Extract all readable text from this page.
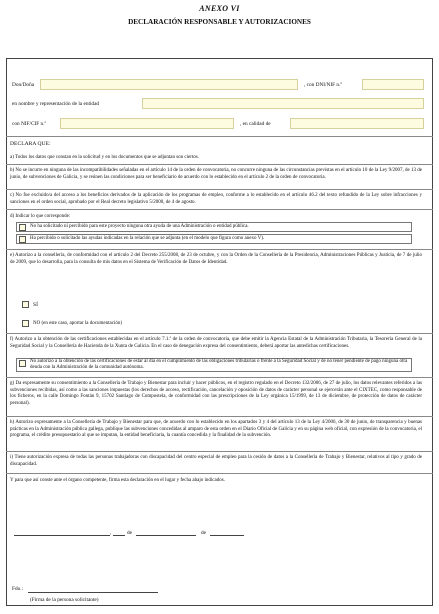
ANEXO VI
DECLARACIÓN RESPONSABLE Y AUTORIZACIONES
Don/Doña	, con DNI/NIF n.º
en nombre y representación de la entidad
con NIF/CIF n.º	, en calidad de
DECLARA QUE:
a) Todos los datos que constan en la solicitud y en los documentos que se adjuntan son ciertos.
b) No se incurre en ninguna de las incompatibilidades señaladas en el artículo 14 de la orden de convocatoria, no concurre ninguna de las circunstancias previstas en el artículo 10 de la Ley 9/2007, de 13 de junio, de subvenciones de Galicia, y se reúnen las condiciones para ser beneficiario de acuerdo con lo establecido en el artículo 2 de la orden de convocatoria.
c) No fue excluido/a del acceso a los beneficios derivados de la aplicación de los programas de empleo, conforme a lo establecido en el artículo 46.2 del texto refundido de la Ley sobre infracciones y sanciones en el orden social, aprobado por el Real decreto legislativo 5/2000, de 4 de agosto.
d) Indicar lo que corresponde:
No ha solicitado ni percibido para este proyecto ninguna otra ayuda de una Administración o entidad pública.
Ha percibido o solicitado las ayudas indicadas en la relación que se adjunta (en el modelo que figura como anexo V).
e) Autorizo a la consellería, de conformidad con el artículo 2 del Decreto 255/2008, de 23 de octubre, y con la Orden de la Consellería de la Presidencia, Administraciones Públicas y Justicia, de 7 de julio de 2009, que lo desarrolla, para la consulta de mis datos en el Sistema de Verificación de Datos de Identidad.
SÍ
NO (en este caso, aportar la documentación)
f) Autorizo a la obtención de las certificaciones establecidas en el artículo 7.1.º de la orden de convocatoria, que debe emitir la Agencia Estatal de la Administración Tributaria, la Tesorería General de la Seguridad Social y la Consellería de Hacienda de la Xunta de Galicia. En el caso de denegación expresa del consentimiento, deberá aportar las antedichas certificaciones.
No autorizo a la obtención de las certificaciones de estar al día en el cumplimiento de las obligaciones tributarias o frente a la Seguridad Social y de no tener pendiente de pago ninguna otra deuda con la Administración de la comunidad autónoma.
g) Da expresamente su consentimiento a la Consellería de Trabajo y Bienestar para incluir y hacer públicos, en el registro regulado en el Decreto 132/2006, de 27 de julio, los datos relevantes referidos a las subvenciones recibidas, así como a las sanciones impuestas (los derechos de acceso, rectificación, cancelación y oposición de datos de carácter personal se ejercerán ante el CIXTEC, como responsable de los ficheros, en la calle Domingo Fontán 9, 15702 Santiago de Compostela, de conformidad con las prescripciones de la Ley orgánica 15/1999, de 13 de diciembre, de protección de datos de carácter personal).
h) Autorizo expresamente a la Consellería de Trabajo y Bienestar para que, de acuerdo con lo establecido en los apartados 3 y 4 del artículo 13 de la Ley 4/2006, de 30 de junio, de transparencia y buenas prácticas en la Administración pública gallega, publique las subvenciones concedidas al amparo de esta orden en el Diario Oficial de Galicia y en su página web oficial, con expresión de la convocatoria, el programa, el crédito presupuestario al que se imputan, la entidad beneficiaria, la cuantía concedida y la finalidad de la subvención.
i) Tiene autorización expresa de todas las personas trabajadoras con discapacidad del centro especial de empleo para la cesión de datos a la Consellería de Trabajo y Bienestar, relativos al tipo y grado de discapacidad.
Y para que así conste ante el órgano competente, firma esta declaración en el lugar y fecha abajo indicados.
,	de	de
Fdo.:
(Firma de la persona solicitante)
